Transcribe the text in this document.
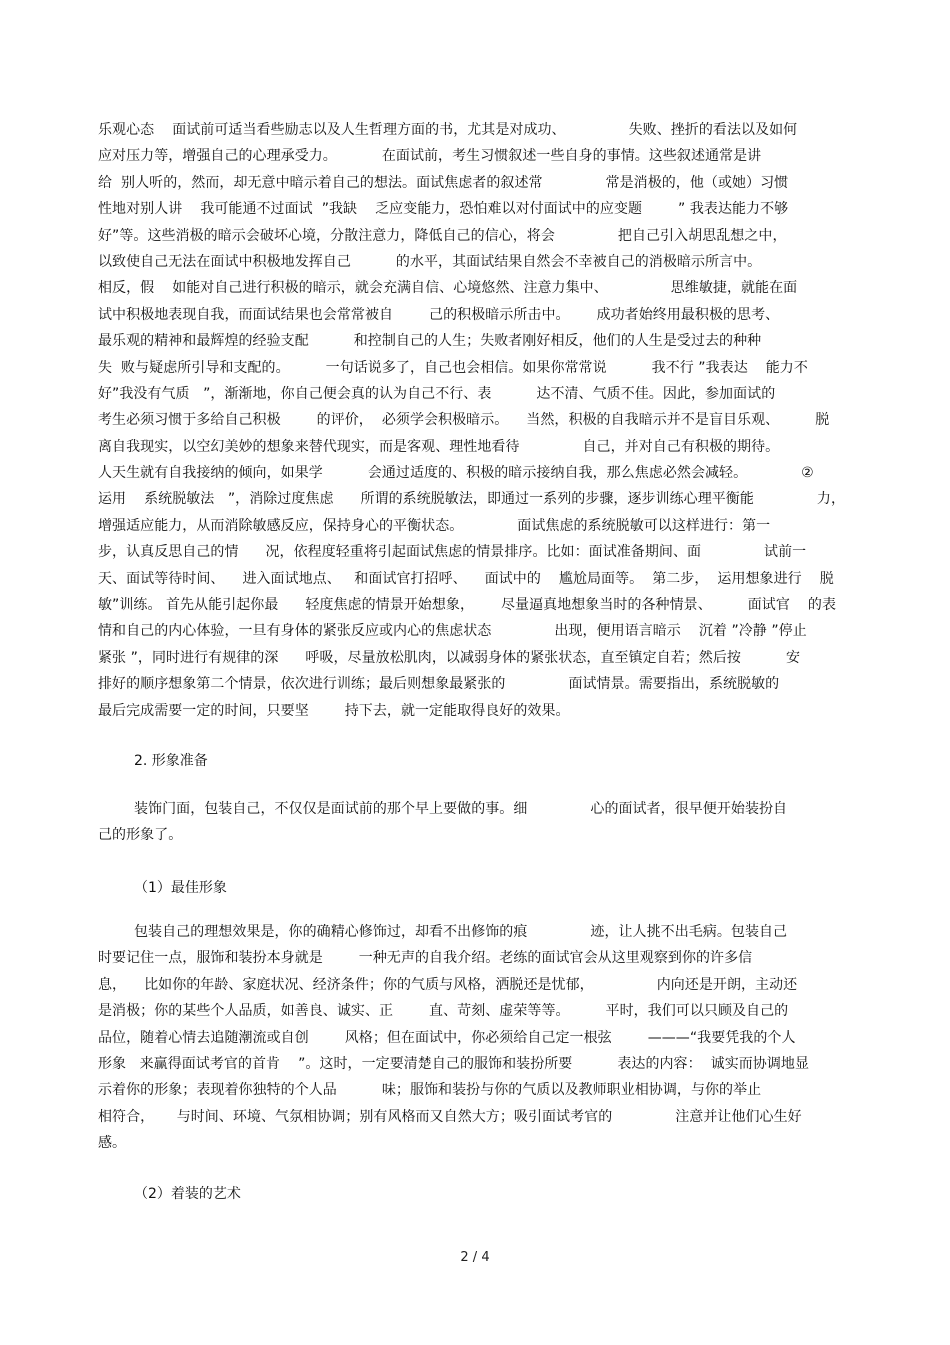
乐观心态    面试前可适当看些励志以及人生哲理方面的书，尤其是对成功、              失败、挫折的看法以及如何
应对压力等，增强自己的心理承受力。          在面试前，考生习惯叙述一些自身的事情。这些叙述通常是讲
给  别人听的，然而，却无意中暗示着自己的想法。面试焦虑者的叙述常              常是消极的，他（或她）习惯
性地对别人讲    我可能通不过面试  ”我缺    乏应变能力，恐怕难以对付面试中的应变题        ” 我表达能力不够
好”等。这些消极的暗示会破坏心境，分散注意力，降低自己的信心，将会              把自己引入胡思乱想之中，
以致使自己无法在面试中积极地发挥自己          的水平，其面试结果自然会不幸被自己的消极暗示所言中。
相反，假    如能对自己进行积极的暗示，就会充满自信、心境悠然、注意力集中、              思维敏捷，就能在面
试中积极地表现自我，而面试结果也会常常被自        己的积极暗示所击中。      成功者始终用最积极的思考、
最乐观的精神和最辉煌的经验支配          和控制自己的人生；失败者刚好相反，他们的人生是受过去的种种
失  败与疑虑所引导和支配的。        一句话说多了，自己也会相信。如果你常常说          我不行 ”我表达    能力不
好”我没有气质   ”，渐渐地，你自己便会真的认为自己不行、表          达不清、气质不佳。因此，参加面试的
考生必须习惯于多给自己积极        的评价，  必须学会积极暗示。    当然，积极的自我暗示并不是盲目乐观、        脱
离自我现实，以空幻美妙的想象来替代现实，而是客观、理性地看待              自己，并对自己有积极的期待。
人天生就有自我接纳的倾向，如果学          会通过适度的、积极的暗示接纳自我，那么焦虑必然会减轻。            ②
运用    系统脱敏法   ”，消除过度焦虑      所谓的系统脱敏法，即通过一系列的步骤，逐步训练心理平衡能              力，
增强适应能力，从而消除敏感反应，保持身心的平衡状态。            面试焦虑的系统脱敏可以这样进行：第一
步，认真反思自己的情      况，依程度轻重将引起面试焦虑的情景排序。比如：面试准备期间、面              试前一
天、面试等待时间、    进入面试地点、   和面试官打招呼、    面试中的    尴尬局面等。  第二步，  运用想象进行    脱
敏”训练。 首先从能引起你最      轻度焦虑的情景开始想象，      尽量逼真地想象当时的各种情景、        面试官    的表
情和自己的内心体验，一旦有身体的紧张反应或内心的焦虑状态              出现，便用语言暗示    沉着 ”冷静 ”停止
紧张 ”，同时进行有规律的深      呼吸，尽量放松肌肉，以减弱身体的紧张状态，直至镇定自若；然后按          安
排好的顺序想象第二个情景，依次进行训练；最后则想象最紧张的              面试情景。需要指出，系统脱敏的
最后完成需要一定的时间，只要坚        持下去，就一定能取得良好的效果。
2. 形象准备
装饰门面，包装自己，不仅仅是面试前的那个早上要做的事。细              心的面试者，很早便开始装扮自
己的形象了。
（1）最佳形象
包装自己的理想效果是，你的确精心修饰过，却看不出修饰的痕              迹，让人挑不出毛病。包装自己
时要记住一点，服饰和装扮本身就是        一种无声的自我介绍。老练的面试官会从这里观察到你的许多信
息，    比如你的年龄、家庭状况、经济条件；你的气质与风格，洒脱还是忧郁，              内向还是开朗，主动还
是消极；你的某些个人品质，如善良、诚实、正        直、苛刻、虚荣等等。        平时，我们可以只顾及自己的
品位，随着心情去追随潮流或自创        风格；但在面试中，你必须给自己定一根弦        ———“我要凭我的个人
形象   来赢得面试考官的首肯    ”。这时，一定要清楚自己的服饰和装扮所要          表达的内容：  诚实而协调地显
示着你的形象；表现着你独特的个人品          味；服饰和装扮与你的气质以及教师职业相协调，与你的举止
相符合，     与时间、环境、气氛相协调；别有风格而又自然大方；吸引面试考官的              注意并让他们心生好
感。
（2）着装的艺术
2 / 4
